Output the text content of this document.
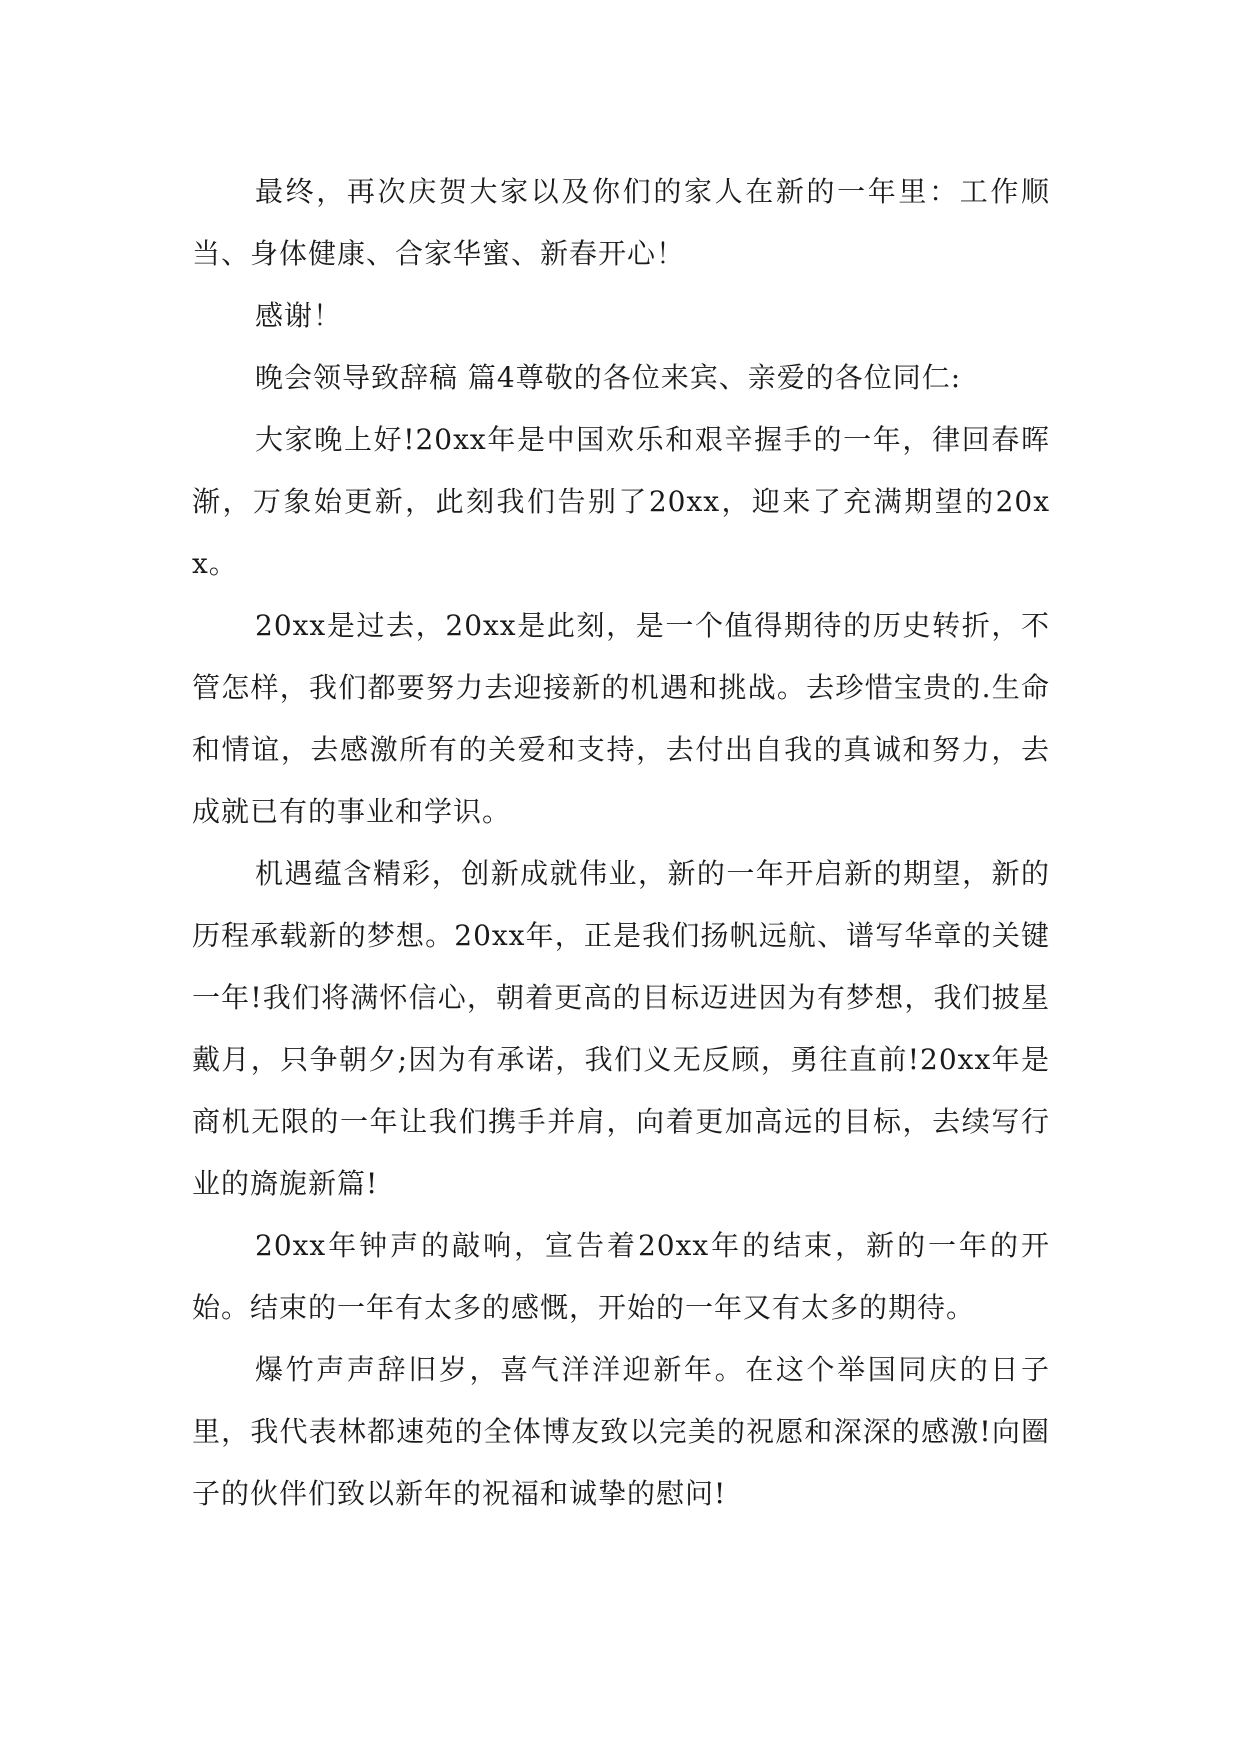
最终，再次庆贺大家以及你们的家人在新的一年里：工作顺当、身体健康、合家华蜜、新春开心！

感谢！

晚会领导致辞稿 篇4尊敬的各位来宾、亲爱的各位同仁:

大家晚上好!20xx年是中国欢乐和艰辛握手的一年，律回春晖渐，万象始更新，此刻我们告别了20xx，迎来了充满期望的20xx。

20xx是过去，20xx是此刻，是一个值得期待的历史转折，不管怎样，我们都要努力去迎接新的机遇和挑战。去珍惜宝贵的.生命和情谊，去感激所有的关爱和支持，去付出自我的真诚和努力，去成就已有的事业和学识。

机遇蕴含精彩，创新成就伟业，新的一年开启新的期望，新的历程承载新的梦想。20xx年，正是我们扬帆远航、谱写华章的关键一年!我们将满怀信心，朝着更高的目标迈进因为有梦想，我们披星戴月，只争朝夕;因为有承诺，我们义无反顾，勇往直前!20xx年是商机无限的一年让我们携手并肩，向着更加高远的目标，去续写行业的旖旎新篇!

20xx年钟声的敲响，宣告着20xx年的结束，新的一年的开始。结束的一年有太多的感慨，开始的一年又有太多的期待。

爆竹声声辞旧岁，喜气洋洋迎新年。在这个举国同庆的日子里，我代表林都速苑的全体博友致以完美的祝愿和深深的感激!向圈子的伙伴们致以新年的祝福和诚挚的慰问!
